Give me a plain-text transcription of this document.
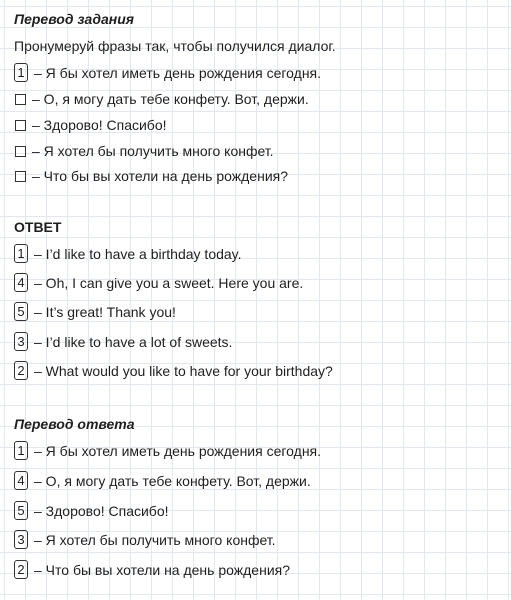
Перевод задания
Пронумеруй фразы так, чтобы получился диалог.
1 – Я бы хотел иметь день рождения сегодня.
– О, я могу дать тебе конфету. Вот, держи.
– Здорово! Спасибо!
– Я хотел бы получить много конфет.
– Что бы вы хотели на день рождения?
ОТВЕТ
1 – I’d like to have a birthday today.
4 – Oh, I can give you a sweet. Here you are.
5 – It’s great! Thank you!
3 – I’d like to have a lot of sweets.
2 – What would you like to have for your birthday?
Перевод ответа
1 – Я бы хотел иметь день рождения сегодня.
4 – О, я могу дать тебе конфету. Вот, держи.
5 – Здорово! Спасибо!
3 – Я хотел бы получить много конфет.
2 – Что бы вы хотели на день рождения?
